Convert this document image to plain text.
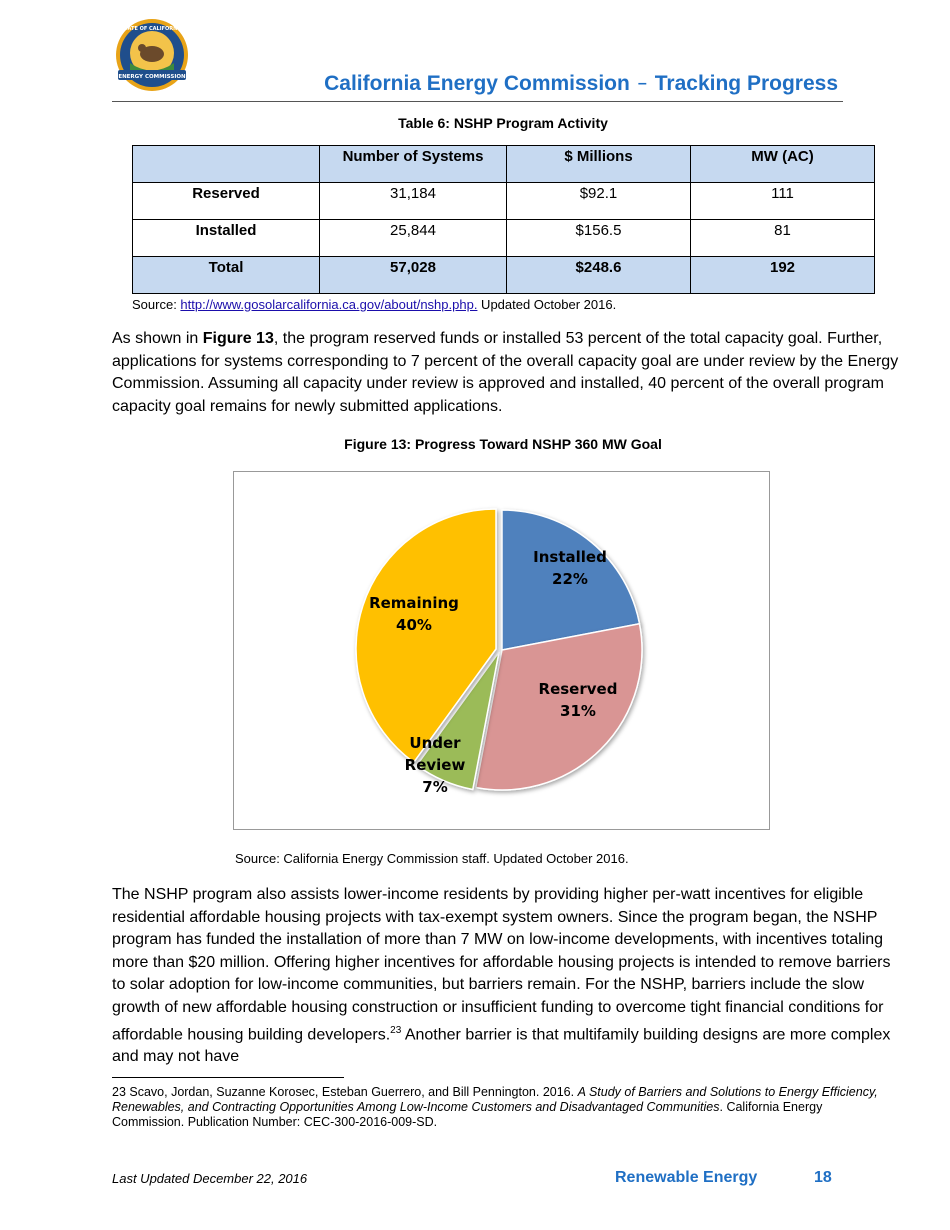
ENERGY COMMISSION
STATE OF CALIFORNIA
California Energy Commission – Tracking Progress
Table 6: NSHP Program Activity
	Number of Systems	$ Millions	MW (AC)
Reserved	31,184	$92.1	111
Installed	25,844	$156.5	81
Total	57,028	$248.6	192
Source: http://www.gosolarcalifornia.ca.gov/about/nshp.php. Updated October 2016.
As shown in Figure 13, the program reserved funds or installed 53 percent of the total capacity goal. Further, applications for systems corresponding to 7 percent of the overall capacity goal are under review by the Energy Commission. Assuming all capacity under review is approved and installed, 40 percent of the overall program capacity goal remains for newly submitted applications.
Figure 13: Progress Toward NSHP 360 MW Goal
Installed 22%
Reserved 31%
Under Review 7%
Remaining 40%
Source: California Energy Commission staff. Updated October 2016.
The NSHP program also assists lower-income residents by providing higher per-watt incentives for eligible residential affordable housing projects with tax-exempt system owners. Since the program began, the NSHP program has funded the installation of more than 7 MW on low-income developments, with incentives totaling more than $20 million. Offering higher incentives for affordable housing projects is intended to remove barriers to solar adoption for low-income communities, but barriers remain. For the NSHP, barriers include the slow growth of new affordable housing construction or insufficient funding to overcome tight financial conditions for affordable housing building developers.$^{23}$ Another barrier is that multifamily building designs are more complex and may not have
23 Scavo, Jordan, Suzanne Korosec, Esteban Guerrero, and Bill Pennington. 2016. A Study of Barriers and Solutions to Energy Efficiency, Renewables, and Contracting Opportunities Among Low-Income Customers and Disadvantaged Communities. California Energy Commission. Publication Number: CEC-300-2016-009-SD.
Last Updated December 22, 2016	Renewable Energy	18
